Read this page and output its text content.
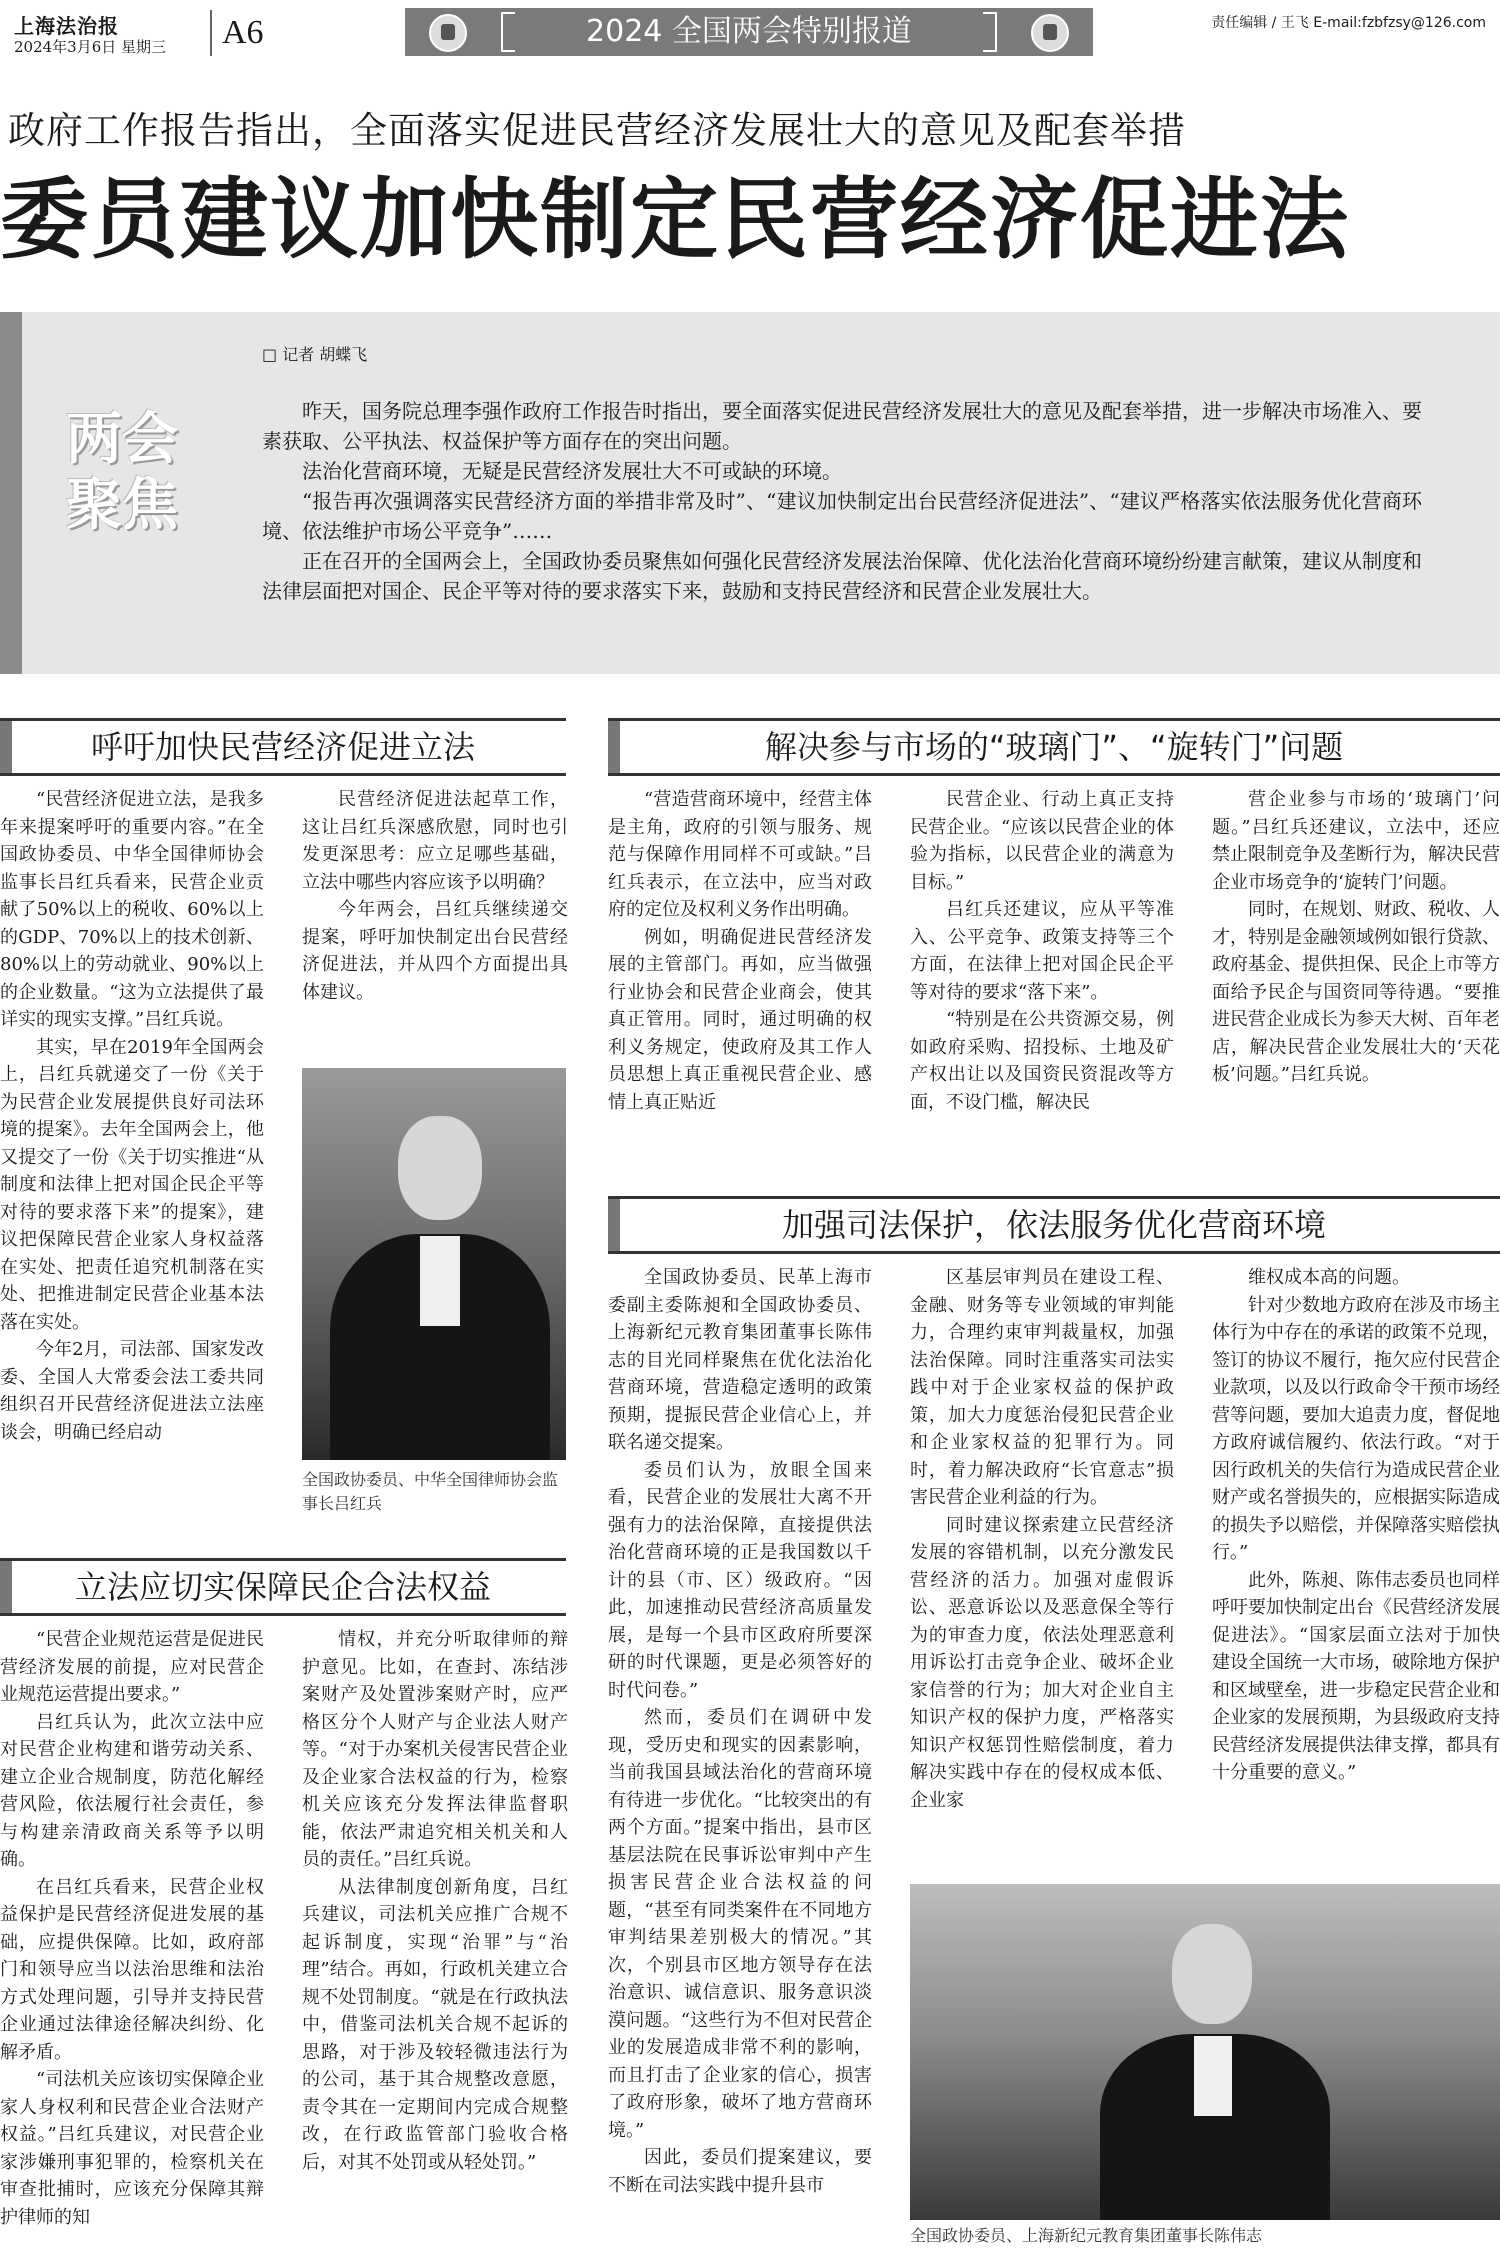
上海法治报
2024年3月6日 星期三	A6	2024 全国两会特别报道	责任编辑 / 王飞 E-mail:fzbfzsy@126.com
政府工作报告指出，全面落实促进民营经济发展壮大的意见及配套举措
委员建议加快制定民营经济促进法
两会聚焦
□ 记者 胡蝶飞

昨天，国务院总理李强作政府工作报告时指出，要全面落实促进民营经济发展壮大的意见及配套举措，进一步解决市场准入、要素获取、公平执法、权益保护等方面存在的突出问题。

法治化营商环境，无疑是民营经济发展壮大不可或缺的环境。

“报告再次强调落实民营经济方面的举措非常及时”、“建议加快制定出台民营经济促进法”、“建议严格落实依法服务优化营商环境、依法维护市场公平竞争”……

正在召开的全国两会上，全国政协委员聚焦如何强化民营经济发展法治保障、优化法治化营商环境纷纷建言献策，建议从制度和法律层面把对国企、民企平等对待的要求落实下来，鼓励和支持民营经济和民营企业发展壮大。

呼吁加快民营经济促进立法

“民营经济促进立法，是我多年来提案呼吁的重要内容。”在全国政协委员、中华全国律师协会监事长吕红兵看来，民营企业贡献了50%以上的税收、60%以上的GDP、70%以上的技术创新、80%以上的劳动就业、90%以上的企业数量。“这为立法提供了最详实的现实支撑。”吕红兵说。

其实，早在2019年全国两会上，吕红兵就递交了一份《关于为民营企业发展提供良好司法环境的提案》。去年全国两会上，他又提交了一份《关于切实推进“从制度和法律上把对国企民企平等对待的要求落下来”的提案》，建议把保障民营企业家人身权益落在实处、把责任追究机制落在实处、把推进制定民营企业基本法落在实处。

今年2月，司法部、国家发改委、全国人大常委会法工委共同组织召开民营经济促进法立法座谈会，明确已经启动

民营经济促进法起草工作，这让吕红兵深感欣慰，同时也引发更深思考：应立足哪些基础，立法中哪些内容应该予以明确？

今年两会，吕红兵继续递交提案，呼吁加快制定出台民营经济促进法，并从四个方面提出具体建议。

全国政协委员、中华全国律师协会监事长吕红兵
立法应切实保障民企合法权益

“民营企业规范运营是促进民营经济发展的前提，应对民营企业规范运营提出要求。”

吕红兵认为，此次立法中应对民营企业构建和谐劳动关系、建立企业合规制度，防范化解经营风险，依法履行社会责任，参与构建亲清政商关系等予以明确。

在吕红兵看来，民营企业权益保护是民营经济促进发展的基础，应提供保障。比如，政府部门和领导应当以法治思维和法治方式处理问题，引导并支持民营企业通过法律途径解决纠纷、化解矛盾。

“司法机关应该切实保障企业家人身权利和民营企业合法财产权益。”吕红兵建议，对民营企业家涉嫌刑事犯罪的，检察机关在审查批捕时，应该充分保障其辩护律师的知

情权，并充分听取律师的辩护意见。比如，在查封、冻结涉案财产及处置涉案财产时，应严格区分个人财产与企业法人财产等。“对于办案机关侵害民营企业及企业家合法权益的行为，检察机关应该充分发挥法律监督职能，依法严肃追究相关机关和人员的责任。”吕红兵说。

从法律制度创新角度，吕红兵建议，司法机关应推广合规不起诉制度，实现“治罪”与“治理”结合。再如，行政机关建立合规不处罚制度。“就是在行政执法中，借鉴司法机关合规不起诉的思路，对于涉及较轻微违法行为的公司，基于其合规整改意愿，责令其在一定期间内完成合规整改，在行政监管部门验收合格后，对其不处罚或从轻处罚。”

解决参与市场的“玻璃门”、“旋转门”问题

“营造营商环境中，经营主体是主角，政府的引领与服务、规范与保障作用同样不可或缺。”吕红兵表示，在立法中，应当对政府的定位及权利义务作出明确。

例如，明确促进民营经济发展的主管部门。再如，应当做强行业协会和民营企业商会，使其真正管用。同时，通过明确的权利义务规定，使政府及其工作人员思想上真正重视民营企业、感情上真正贴近

民营企业、行动上真正支持民营企业。“应该以民营企业的体验为指标，以民营企业的满意为目标。”

吕红兵还建议，应从平等准入、公平竞争、政策支持等三个方面，在法律上把对国企民企平等对待的要求“落下来”。

“特别是在公共资源交易，例如政府采购、招投标、土地及矿产权出让以及国资民资混改等方面，不设门槛，解决民

营企业参与市场的‘玻璃门’问题。”吕红兵还建议，立法中，还应禁止限制竞争及垄断行为，解决民营企业市场竞争的‘旋转门’问题。

同时，在规划、财政、税收、人才，特别是金融领域例如银行贷款、政府基金、提供担保、民企上市等方面给予民企与国资同等待遇。“要推进民营企业成长为参天大树、百年老店，解决民营企业发展壮大的‘天花板’问题。”吕红兵说。

加强司法保护，依法服务优化营商环境

全国政协委员、民革上海市委副主委陈昶和全国政协委员、上海新纪元教育集团董事长陈伟志的目光同样聚焦在优化法治化营商环境，营造稳定透明的政策预期，提振民营企业信心上，并联名递交提案。

委员们认为，放眼全国来看，民营企业的发展壮大离不开强有力的法治保障，直接提供法治化营商环境的正是我国数以千计的县（市、区）级政府。“因此，加速推动民营经济高质量发展，是每一个县市区政府所要深研的时代课题，更是必须答好的时代问卷。”

然而，委员们在调研中发现，受历史和现实的因素影响，当前我国县域法治化的营商环境有待进一步优化。“比较突出的有两个方面。”提案中指出，县市区基层法院在民事诉讼审判中产生损害民营企业合法权益的问题，“甚至有同类案件在不同地方审判结果差别极大的情况。”其次，个别县市区地方领导存在法治意识、诚信意识、服务意识淡漠问题。“这些行为不但对民营企业的发展造成非常不利的影响，而且打击了企业家的信心，损害了政府形象，破坏了地方营商环境。”

因此，委员们提案建议，要不断在司法实践中提升县市

区基层审判员在建设工程、金融、财务等专业领域的审判能力，合理约束审判裁量权，加强法治保障。同时注重落实司法实践中对于企业家权益的保护政策，加大力度惩治侵犯民营企业和企业家权益的犯罪行为。同时，着力解决政府“长官意志”损害民营企业利益的行为。

同时建议探索建立民营经济发展的容错机制，以充分激发民营经济的活力。加强对虚假诉讼、恶意诉讼以及恶意保全等行为的审查力度，依法处理恶意利用诉讼打击竞争企业、破坏企业家信誉的行为；加大对企业自主知识产权的保护力度，严格落实知识产权惩罚性赔偿制度，着力解决实践中存在的侵权成本低、企业家

维权成本高的问题。

针对少数地方政府在涉及市场主体行为中存在的承诺的政策不兑现，签订的协议不履行，拖欠应付民营企业款项，以及以行政命令干预市场经营等问题，要加大追责力度，督促地方政府诚信履约、依法行政。“对于因行政机关的失信行为造成民营企业财产或名誉损失的，应根据实际造成的损失予以赔偿，并保障落实赔偿执行。”

此外，陈昶、陈伟志委员也同样呼吁要加快制定出台《民营经济发展促进法》。“国家层面立法对于加快建设全国统一大市场，破除地方保护和区域壁垒，进一步稳定民营企业和企业家的发展预期，为县级政府支持民营经济发展提供法律支撑，都具有十分重要的意义。”

全国政协委员、上海新纪元教育集团董事长陈伟志
